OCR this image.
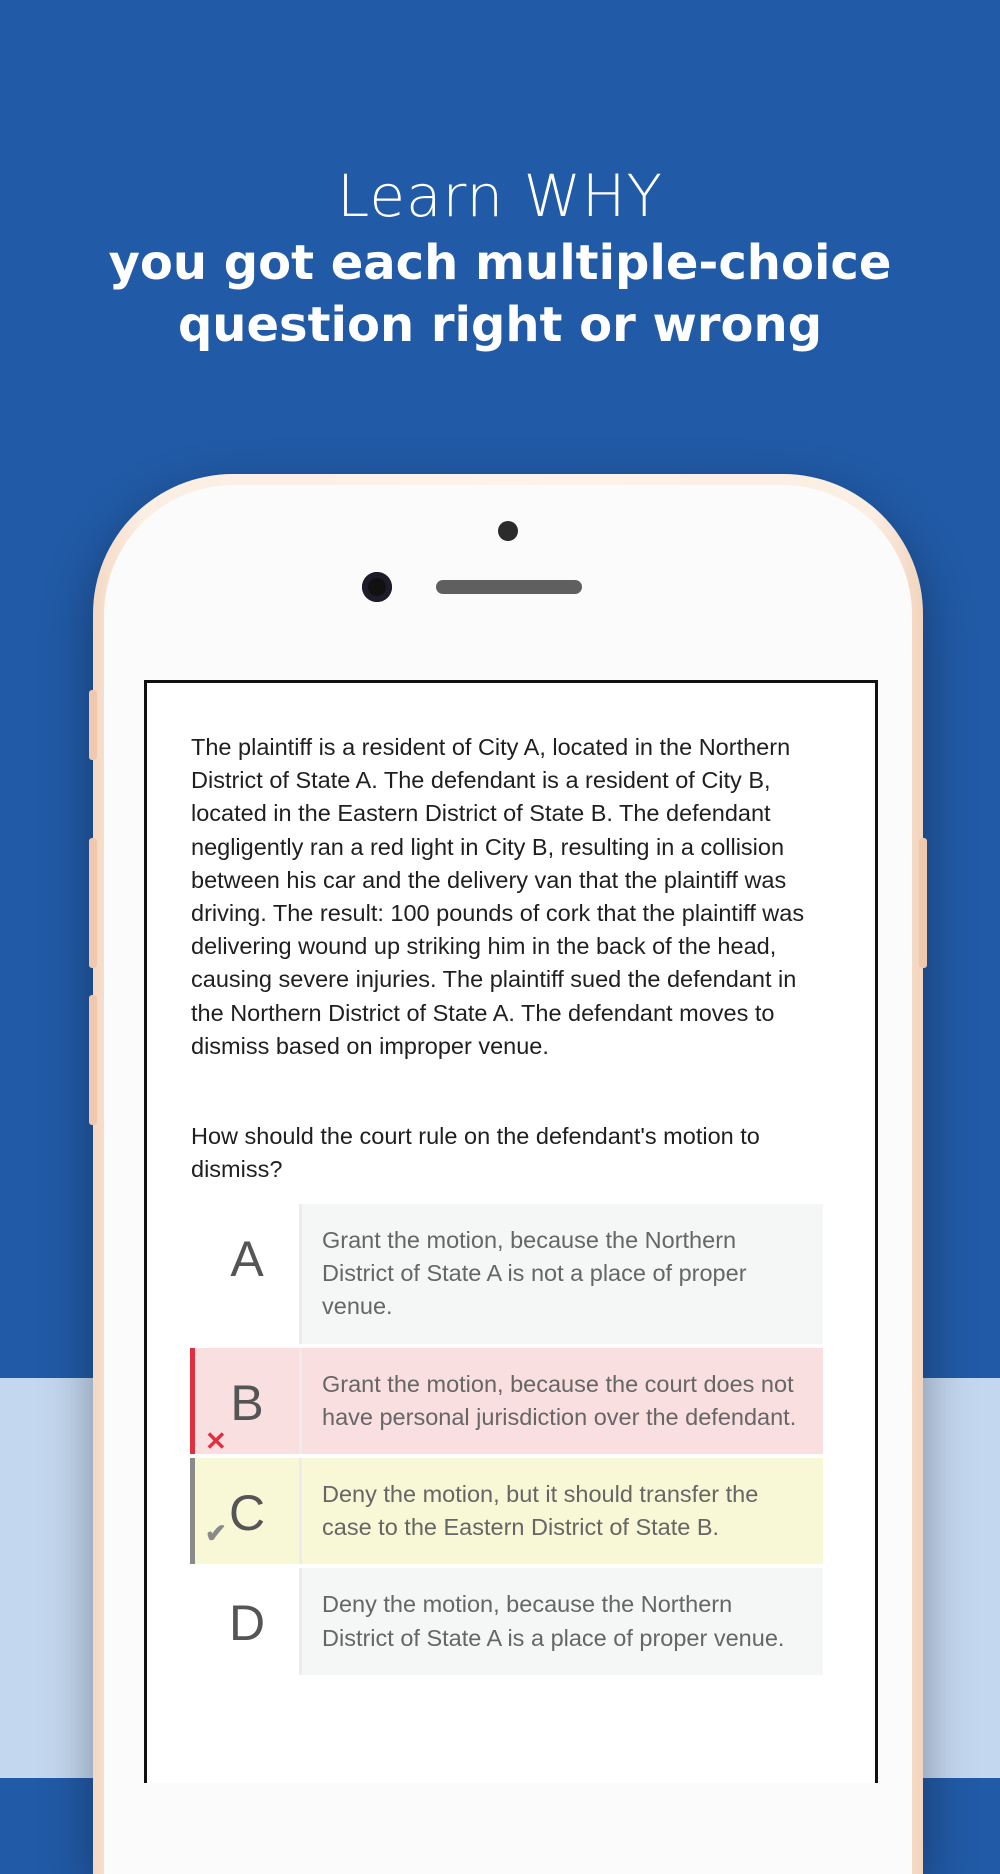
Learn WHY
you got each multiple-choice
question right or wrong
The plaintiff is a resident of City A, located in the Northern District of State A. The defendant is a resident of City B, located in the Eastern District of State B. The defendant negligently ran a red light in City B, resulting in a collision between his car and the delivery van that the plaintiff was driving. The result: 100 pounds of cork that the plaintiff was delivering wound up striking him in the back of the head, causing severe injuries. The plaintiff sued the defendant in the Northern District of State A. The defendant moves to dismiss based on improper venue.
How should the court rule on the defendant's motion to dismiss?
A	Grant the motion, because the Northern District of State A is not a place of proper venue.
B
✕
Grant the motion, because the court does not have personal jurisdiction over the defendant.
C
✔
Deny the motion, but it should transfer the case to the Eastern District of State B.
D	Deny the motion, because the Northern District of State A is a place of proper venue.
